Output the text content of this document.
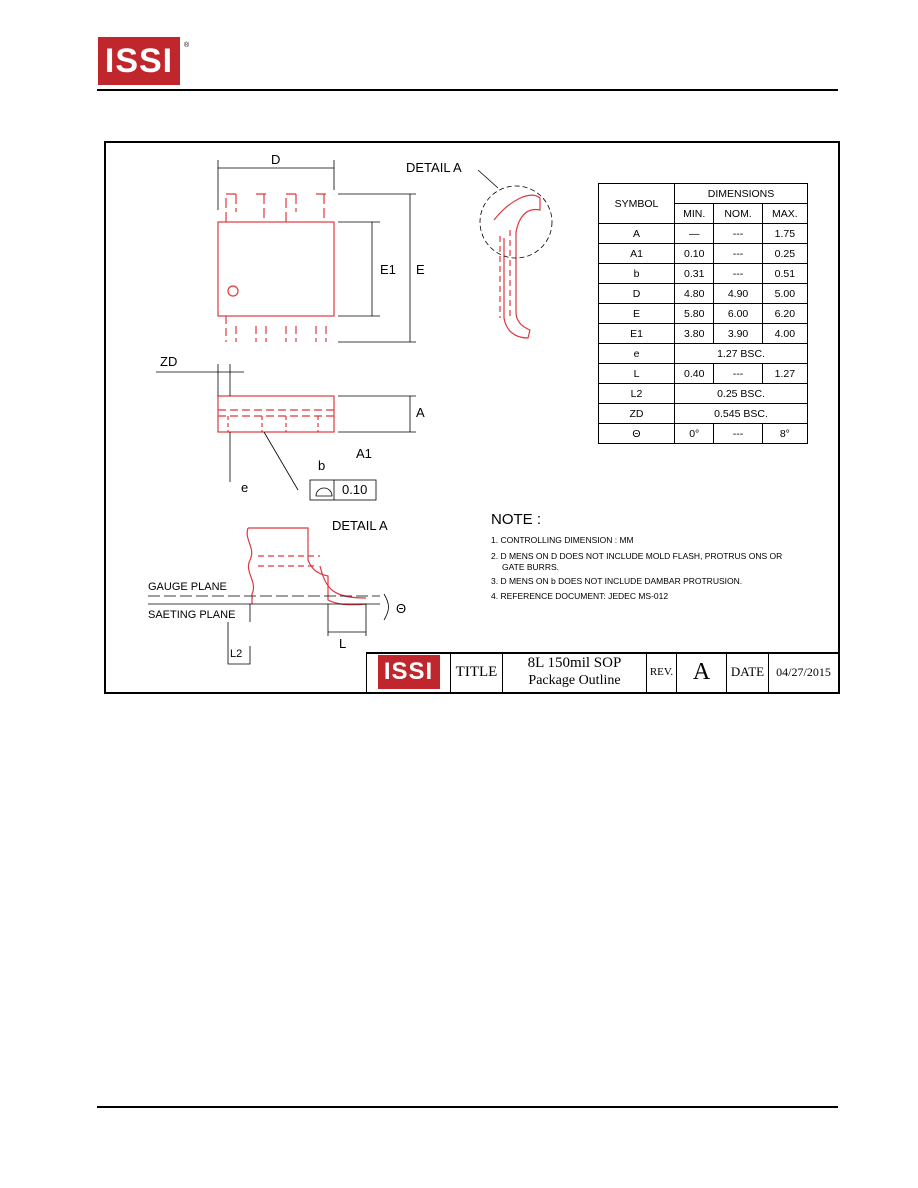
ISSI ®
D
DETAIL A
E1 E
ZD
A
A1
b
e	0.10
DETAIL A
GAUGE PLANE
SAETING PLANE
L2
L
Θ
SYMBOL	DIMENSIONS		
	MIN.	NOM.	MAX.
A	—	---	1.75
A1	0.10	---	0.25
b	0.31	---	0.51
D	4.80	4.90	5.00
E	5.80	6.00	6.20
E1	3.80	3.90	4.00
e	1.27 BSC.		
L	0.40	---	1.27
L2	0.25 BSC.		
ZD	0.545 BSC.		
Θ	0°	---	8°
NOTE :
1. CONTROLLING DIMENSION : MM
2. D MENS ON D DOES NOT INCLUDE MOLD FLASH, PROTRUS ONS OR
GATE BURRS.
3. D MENS ON b DOES NOT INCLUDE DAMBAR PROTRUSION.
4. REFERENCE DOCUMENT: JEDEC MS-012
ISSI TITLE
8L 150mil SOP
Package Outline
REV. A DATE 04/27/2015
